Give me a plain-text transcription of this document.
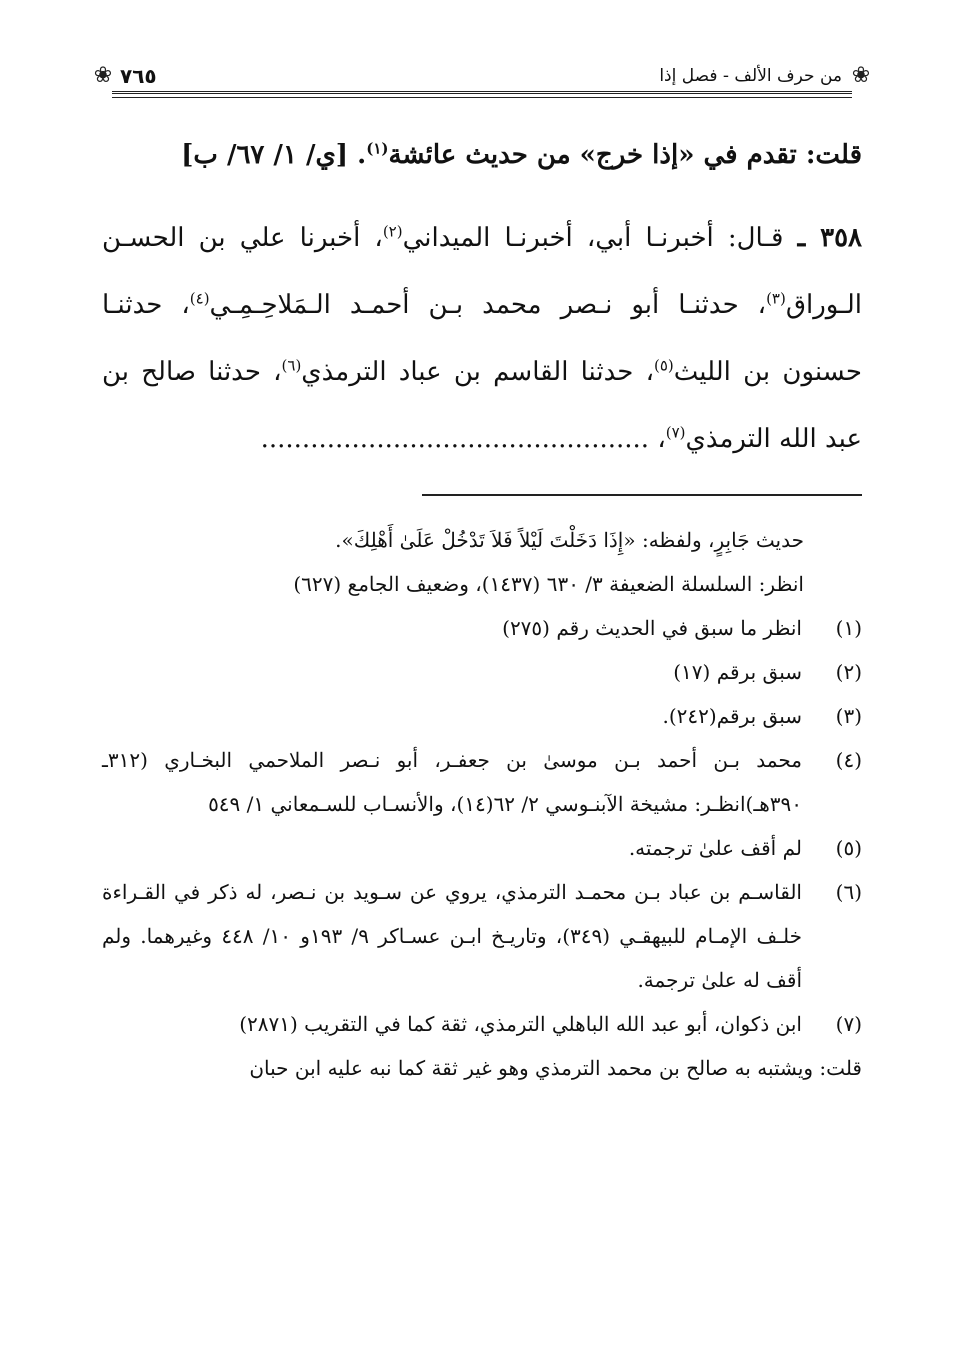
❀
من حرف الألف - فصل إذا
٧٦٥
❀

قلت: تقدم في «إذا خرج» من حديث عائشة$^{(١)}$. [ي/ ١/ ٦٧/ ب]

٣٥٨ ـ قـال: أخبرنـا أبي، أخبرنـا الميداني$^{(٢)}$، أخبرنا علي بن الحسـن الـوراق$^{(٣)}$، حدثنـا أبو نـصر محمد بـن أحمـد الـمَلاحِـمِـي$^{(٤)}$، حدثنـا حسنون بن الليث$^{(٥)}$، حدثنا القاسم بن عباد الترمذي$^{(٦)}$، حدثنا صالح بن عبد الله الترمذي$^{(٧)}$، ...............................................

حديث جَابِرٍ، ولفظه: «إِذَا دَخَلْتَ لَيْلاً فَلاَ تَدْخُلْ عَلَىٰ أَهْلِكَ».
انظر: السلسلة الضعيفة ٣/ ٦٣٠ (١٤٣٧)، وضعيف الجامع (٦٢٧)
(١)
انظر ما سبق في الحديث رقم (٢٧٥)
(٢)
سبق برقم (١٧)
(٣)
سبق برقم(٢٤٢).
(٤)
محمد بـن أحمد بـن موسىٰ بن جعفـر، أبو نـصر الملاحمي البخـاري (٣١٢ـ ٣٩٠هـ)انظـر: مشيخة الآبنـوسي ٢/ ٦٢(١٤)، والأنسـاب للسـمعاني ١/ ٥٤٩
(٥)
لم أقف علىٰ ترجمته.
(٦)
القاسـم بن عباد بـن محمـد الترمذي، يروي عن سـويد بن نـصر، له ذكر في القـراءة خلـف الإمـام للبيهقـي (٣٤٩)، وتاريـخ ابـن عسـاكر ٩/ ١٩٣و ١٠/ ٤٤٨ وغيرهما. ولم أقف له علىٰ ترجمة.
(٧)
ابن ذكوان، أبو عبد الله الباهلي الترمذي، ثقة كما في التقريب (٢٨٧١)
قلت: ويشتبه به صالح بن محمد الترمذي وهو غير ثقة كما نبه عليه ابن حبان
